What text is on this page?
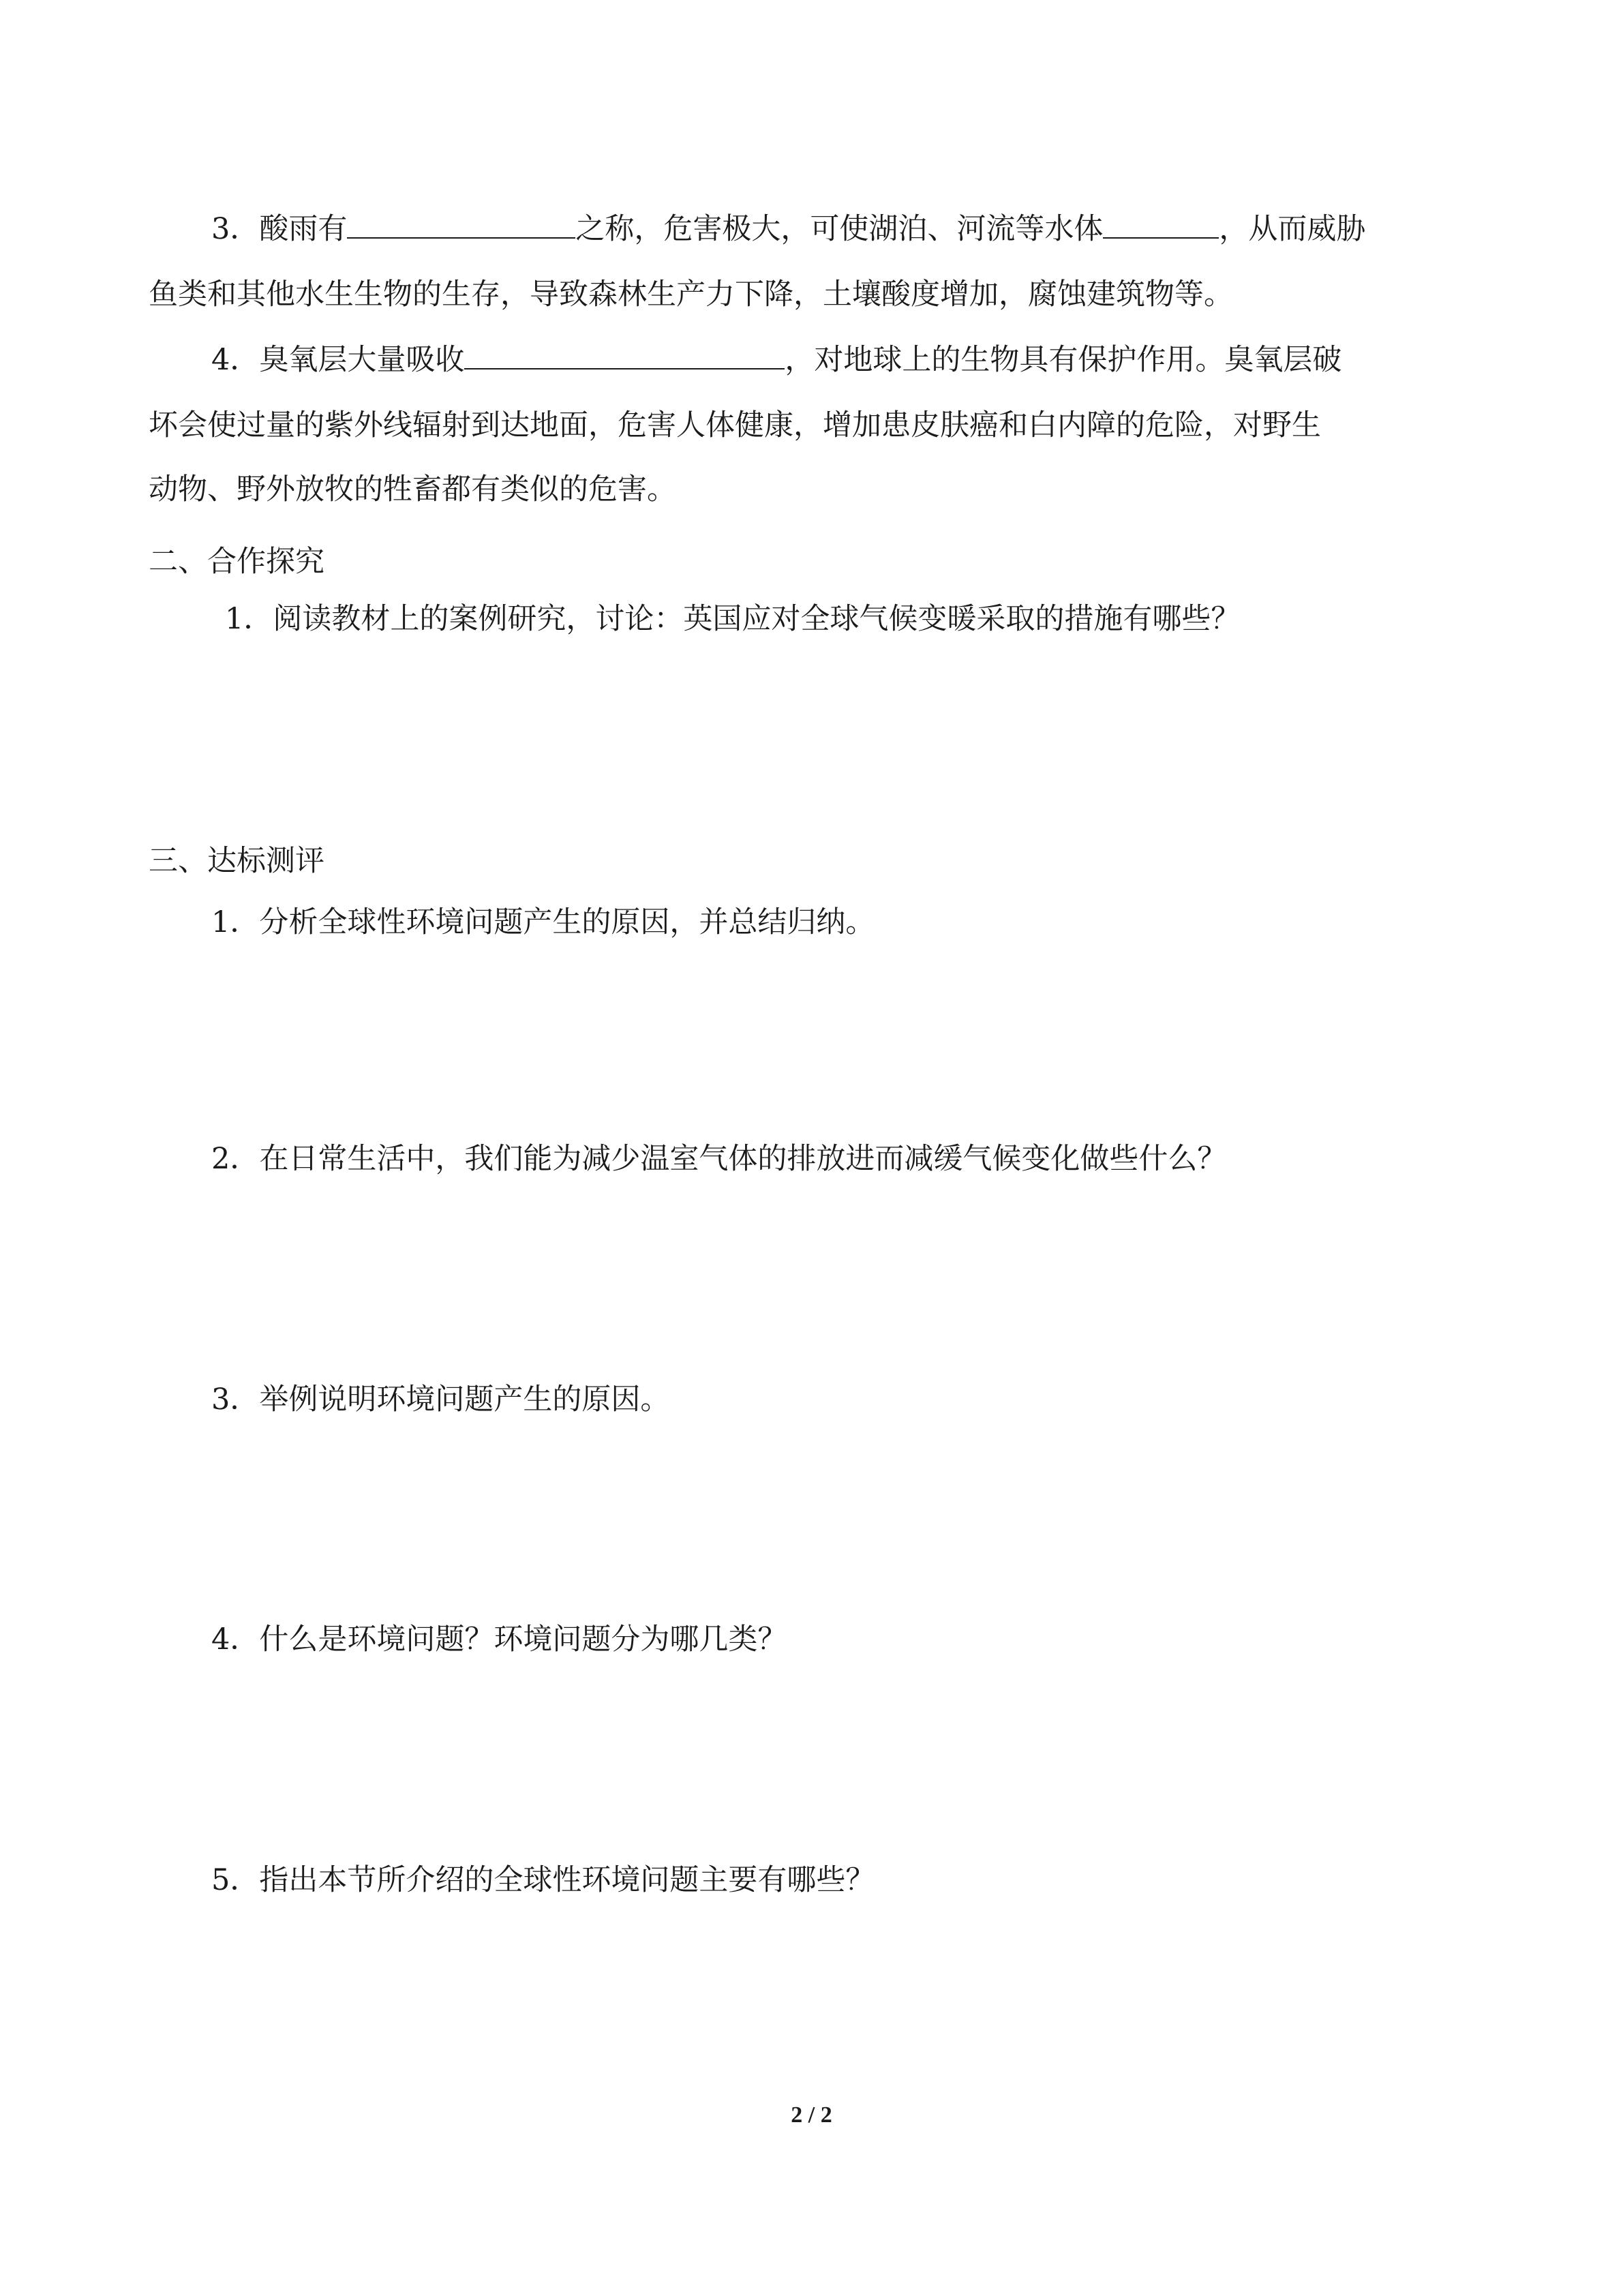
3．酸雨有	之称，危害极大，可使湖泊、河流等水体	，从而威胁
鱼类和其他水生生物的生存，导致森林生产力下降，土壤酸度增加，腐蚀建筑物等。
4．臭氧层大量吸收	，对地球上的生物具有保护作用。臭氧层破
坏会使过量的紫外线辐射到达地面，危害人体健康，增加患皮肤癌和白内障的危险，对野生
动物、野外放牧的牲畜都有类似的危害。
二、合作探究
1．阅读教材上的案例研究，讨论：英国应对全球气候变暖采取的措施有哪些？
三、达标测评
1．分析全球性环境问题产生的原因，并总结归纳。
2．在日常生活中，我们能为减少温室气体的排放进而减缓气候变化做些什么？
3．举例说明环境问题产生的原因。
4．什么是环境问题？环境问题分为哪几类？
5．指出本节所介绍的全球性环境问题主要有哪些？
2 / 2
